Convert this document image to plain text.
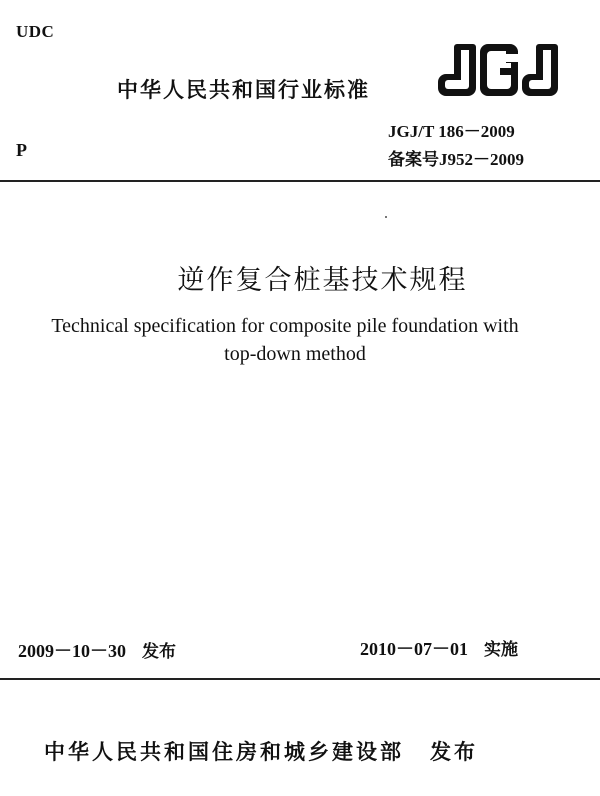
UDC
中华人民共和国行业标准
JGJ
JGJ/T 186－2009
备案号J952－2009
P
逆作复合桩基技术规程
Technical specification for composite pile foundation with
top-down method
2009－10－30 发布	2010－07－01 实施
中华人民共和国住房和城乡建设部 发布
